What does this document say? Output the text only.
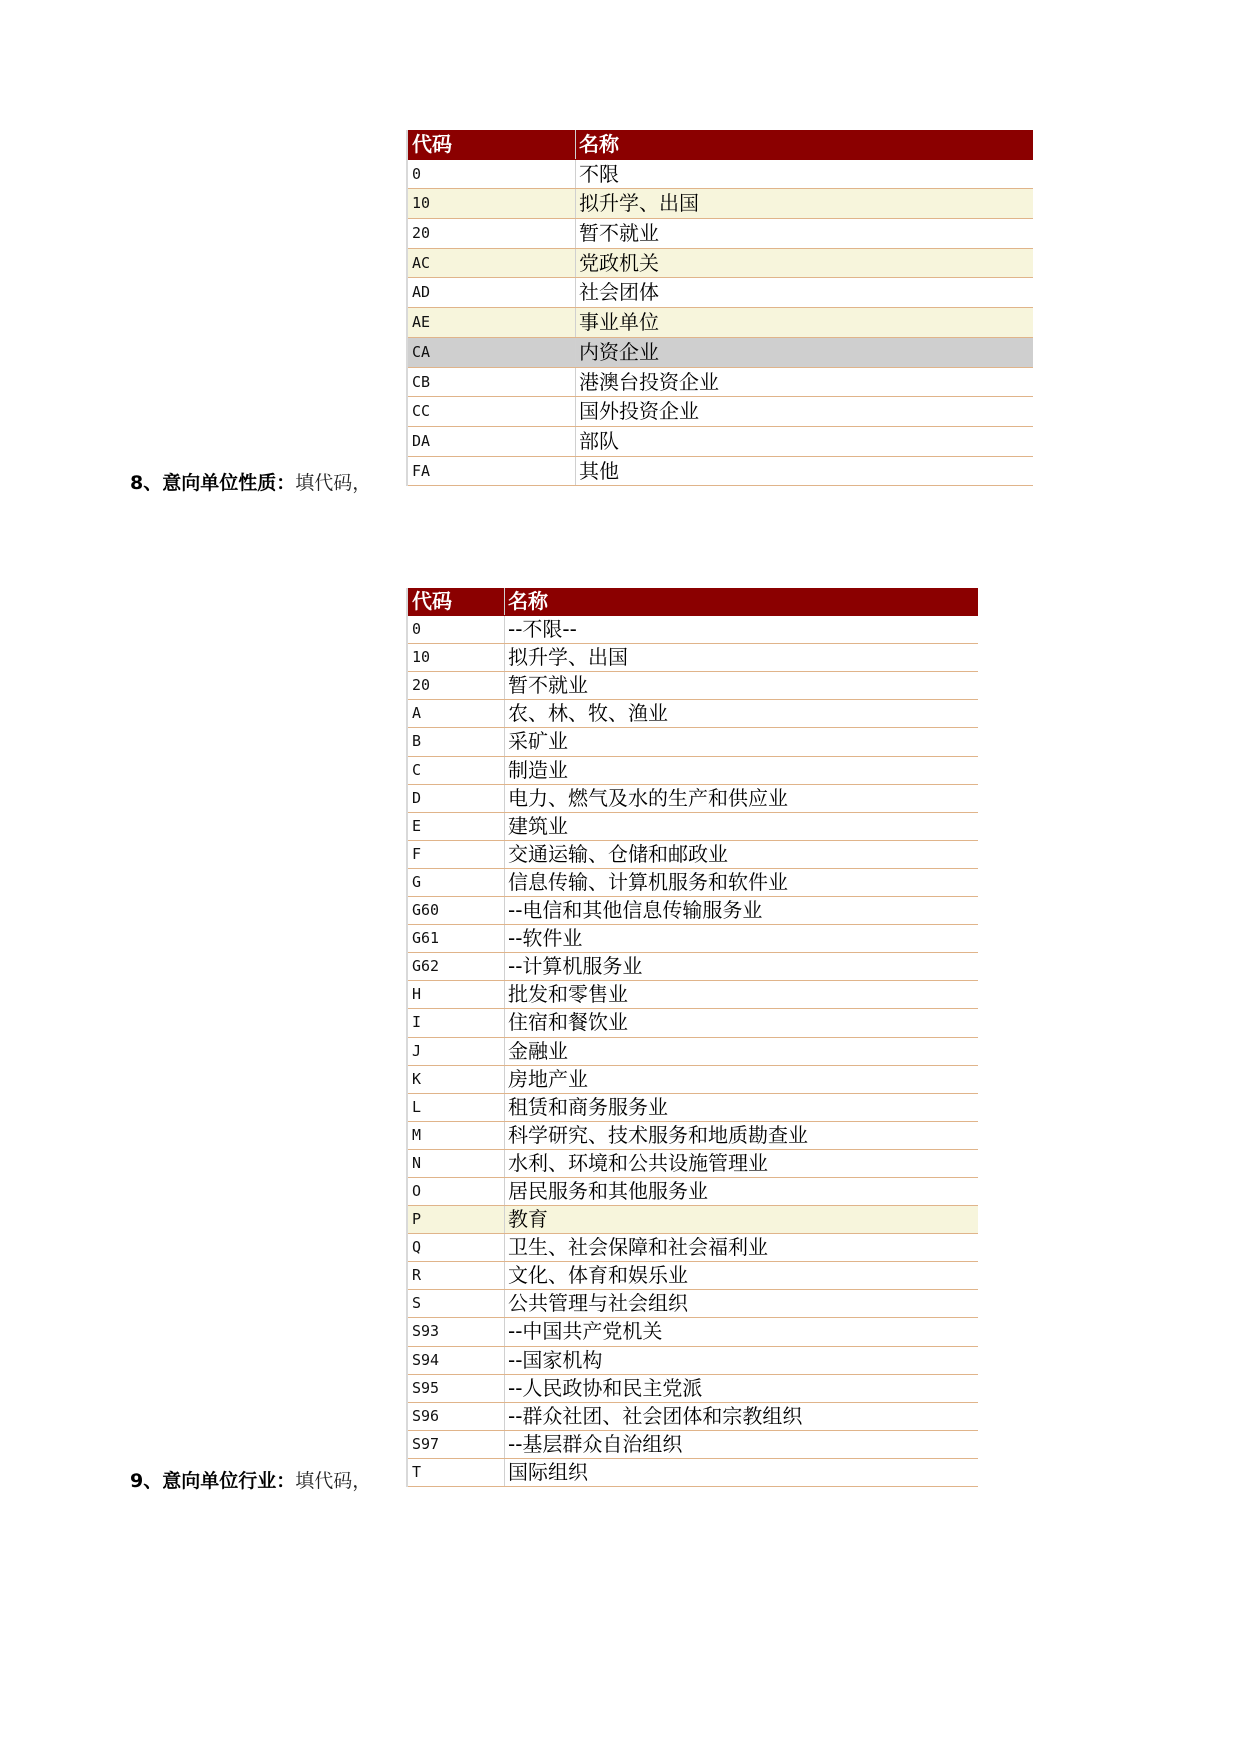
8、意向单位性质：填代码，
代码	名称
0	不限
10	拟升学、出国
20	暂不就业
AC	党政机关
AD	社会团体
AE	事业单位
CA	内资企业
CB	港澳台投资企业
CC	国外投资企业
DA	部队
FA	其他
9、意向单位行业：填代码，
代码	名称
0	--不限--
10	拟升学、出国
20	暂不就业
A	农、林、牧、渔业
B	采矿业
C	制造业
D	电力、燃气及水的生产和供应业
E	建筑业
F	交通运输、仓储和邮政业
G	信息传输、计算机服务和软件业
G60	--电信和其他信息传输服务业
G61	--软件业
G62	--计算机服务业
H	批发和零售业
I	住宿和餐饮业
J	金融业
K	房地产业
L	租赁和商务服务业
M	科学研究、技术服务和地质勘查业
N	水利、环境和公共设施管理业
O	居民服务和其他服务业
P	教育
Q	卫生、社会保障和社会福利业
R	文化、体育和娱乐业
S	公共管理与社会组织
S93	--中国共产党机关
S94	--国家机构
S95	--人民政协和民主党派
S96	--群众社团、社会团体和宗教组织
S97	--基层群众自治组织
T	国际组织
